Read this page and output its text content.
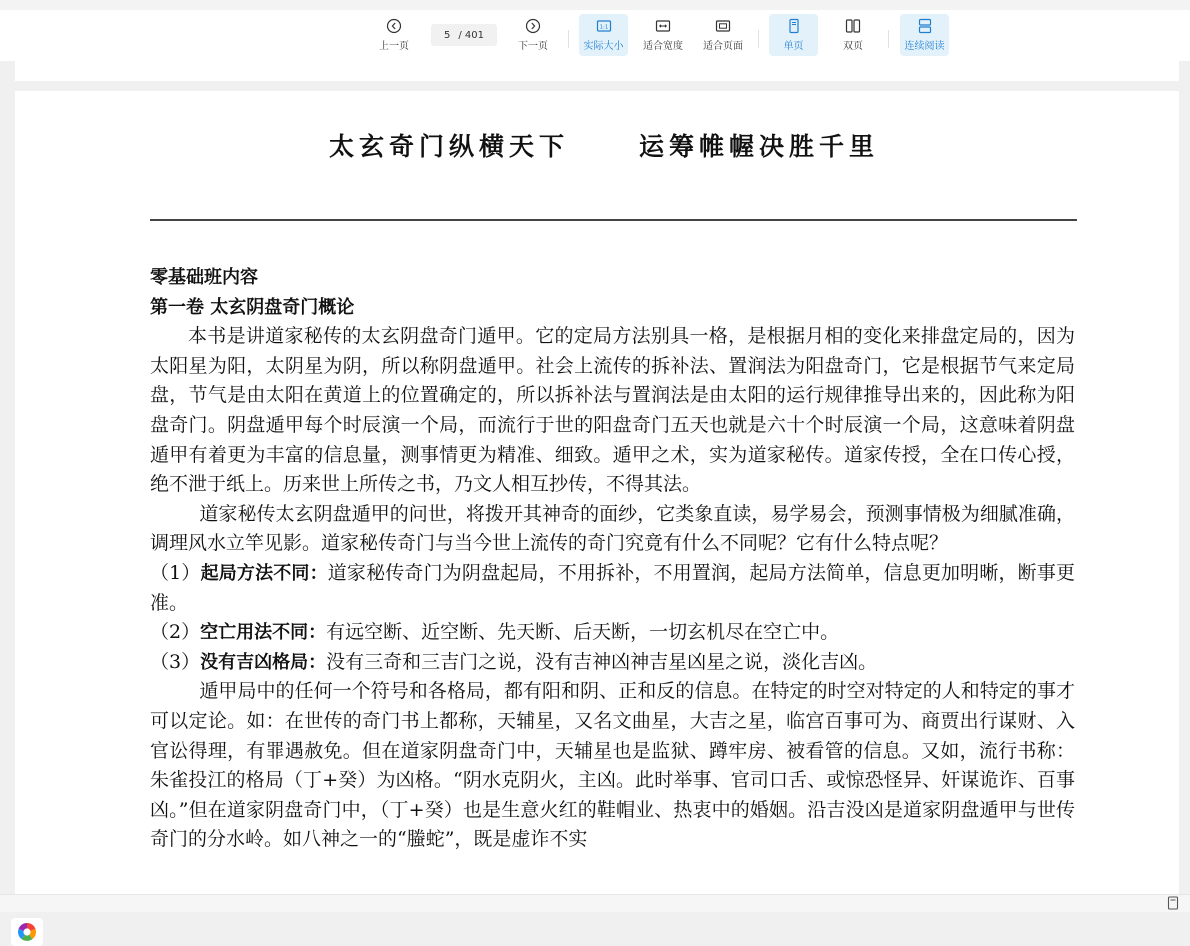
上一页
5 / 401
下一页
1:1
实际大小 适合宽度 适合页面	单页	双页	连续阅读
太玄奇门纵横天下	运筹帷幄决胜千里

零基础班内容

第一卷 太玄阴盘奇门概论

本书是讲道家秘传的太玄阴盘奇门遁甲。它的定局方法别具一格，是根据月相的变化来排盘定局的，因为太阳星为阳，太阴星为阴，所以称阴盘遁甲。社会上流传的拆补法、置润法为阳盘奇门，它是根据节气来定局盘，节气是由太阳在黄道上的位置确定的，所以拆补法与置润法是由太阳的运行规律推导出来的，因此称为阳盘奇门。阴盘遁甲每个时辰演一个局，而流行于世的阳盘奇门五天也就是六十个时辰演一个局，这意味着阴盘遁甲有着更为丰富的信息量，测事情更为精准、细致。遁甲之术，实为道家秘传。道家传授，全在口传心授，绝不泄于纸上。历来世上所传之书，乃文人相互抄传，不得其法。

道家秘传太玄阴盘遁甲的问世，将拨开其神奇的面纱，它类象直读，易学易会，预测事情极为细腻准确，调理风水立竿见影。道家秘传奇门与当今世上流传的奇门究竟有什么不同呢？它有什么特点呢？

（1）起局方法不同：道家秘传奇门为阴盘起局，不用拆补，不用置润，起局方法简单，信息更加明晰，断事更准。

（2）空亡用法不同：有远空断、近空断、先天断、后天断，一切玄机尽在空亡中。

（3）没有吉凶格局：没有三奇和三吉门之说，没有吉神凶神吉星凶星之说，淡化吉凶。

遁甲局中的任何一个符号和各格局，都有阳和阴、正和反的信息。在特定的时空对特定的人和特定的事才可以定论。如：在世传的奇门书上都称，天辅星，又名文曲星，大吉之星，临宫百事可为、商贾出行谋财、入官讼得理，有罪遇赦免。但在道家阴盘奇门中，天辅星也是监狱、蹲牢房、被看管的信息。又如，流行书称：朱雀投江的格局（丁+癸）为凶格。“阴水克阴火，主凶。此时举事、官司口舌、或惊恐怪异、奸谋诡诈、百事凶。”但在道家阴盘奇门中，（丁+癸）也是生意火红的鞋帽业、热衷中的婚姻。沿吉没凶是道家阴盘遁甲与世传奇门的分水岭。如八神之一的“螣蛇”，既是虚诈不实
